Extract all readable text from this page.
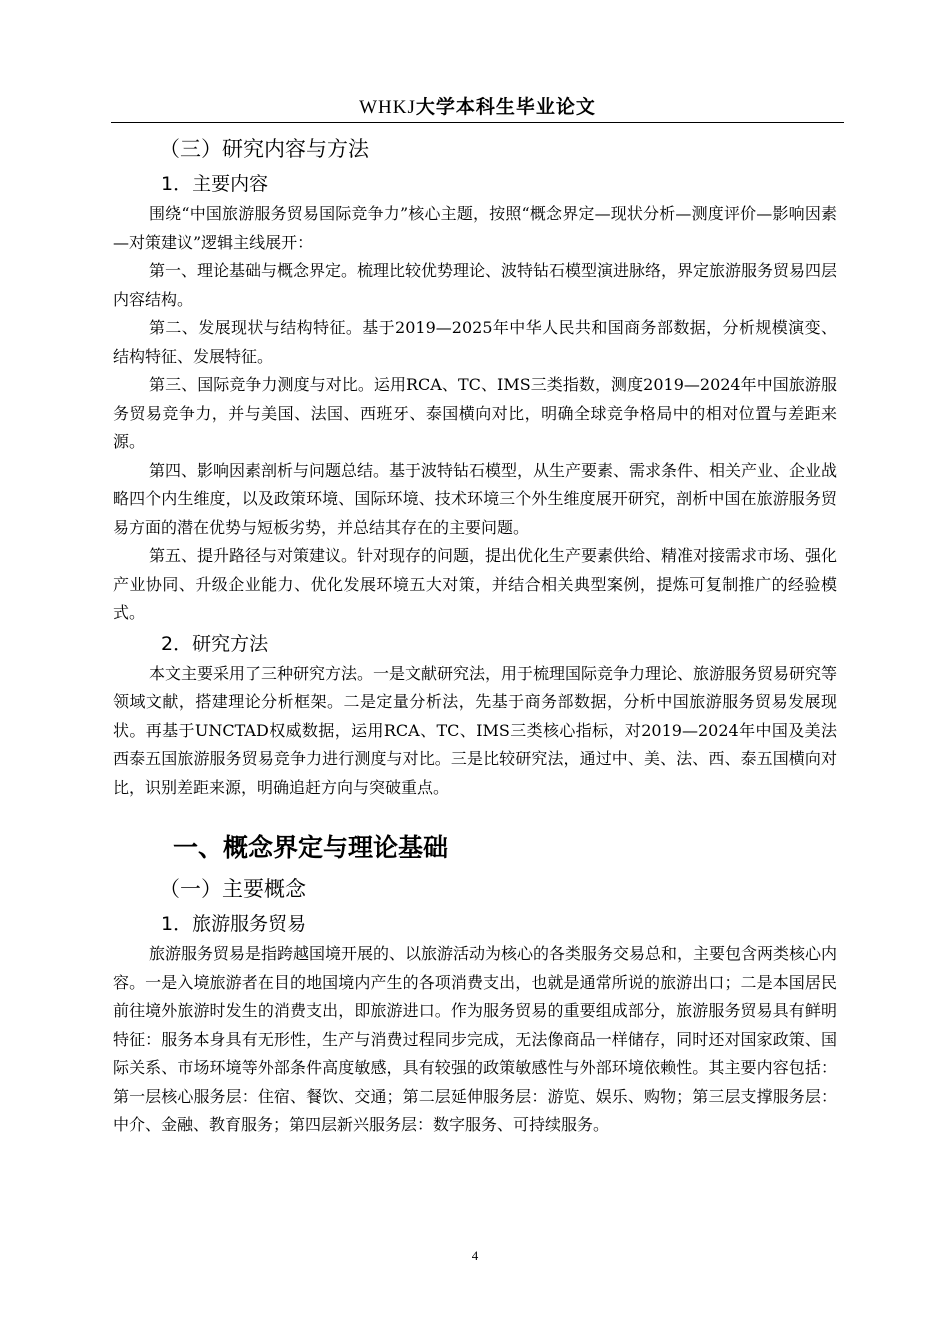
WHKJ大学本科生毕业论文
（三）研究内容与方法
1．主要内容

围绕“中国旅游服务贸易国际竞争力”核心主题，按照“概念界定—现状分析—测度评价—影响因素—对策建议”逻辑主线展开：

第一、理论基础与概念界定。梳理比较优势理论、波特钻石模型演进脉络，界定旅游服务贸易四层内容结构。

第二、发展现状与结构特征。基于2019—2025年中华人民共和国商务部数据，分析规模演变、结构特征、发展特征。

第三、国际竞争力测度与对比。运用RCA、TC、IMS三类指数，测度2019—2024年中国旅游服务贸易竞争力，并与美国、法国、西班牙、泰国横向对比，明确全球竞争格局中的相对位置与差距来源。

第四、影响因素剖析与问题总结。基于波特钻石模型，从生产要素、需求条件、相关产业、企业战略四个内生维度，以及政策环境、国际环境、技术环境三个外生维度展开研究，剖析中国在旅游服务贸易方面的潜在优势与短板劣势，并总结其存在的主要问题。

第五、提升路径与对策建议。针对现存的问题，提出优化生产要素供给、精准对接需求市场、强化产业协同、升级企业能力、优化发展环境五大对策，并结合相关典型案例，提炼可复制推广的经验模式。

2．研究方法

本文主要采用了三种研究方法。一是文献研究法，用于梳理国际竞争力理论、旅游服务贸易研究等领域文献，搭建理论分析框架。二是定量分析法，先基于商务部数据，分析中国旅游服务贸易发展现状。再基于UNCTAD权威数据，运用RCA、TC、IMS三类核心指标，对2019—2024年中国及美法西泰五国旅游服务贸易竞争力进行测度与对比。三是比较研究法，通过中、美、法、西、泰五国横向对比，识别差距来源，明确追赶方向与突破重点。

一、概念界定与理论基础
（一）主要概念
1．旅游服务贸易

旅游服务贸易是指跨越国境开展的、以旅游活动为核心的各类服务交易总和，主要包含两类核心内容。一是入境旅游者在目的地国境内产生的各项消费支出，也就是通常所说的旅游出口；二是本国居民前往境外旅游时发生的消费支出，即旅游进口。作为服务贸易的重要组成部分，旅游服务贸易具有鲜明特征：服务本身具有无形性，生产与消费过程同步完成，无法像商品一样储存，同时还对国家政策、国际关系、市场环境等外部条件高度敏感，具有较强的政策敏感性与外部环境依赖性。其主要内容包括：第一层核心服务层：住宿、餐饮、交通；第二层延伸服务层：游览、娱乐、购物；第三层支撑服务层：中介、金融、教育服务；第四层新兴服务层：数字服务、可持续服务。

4
